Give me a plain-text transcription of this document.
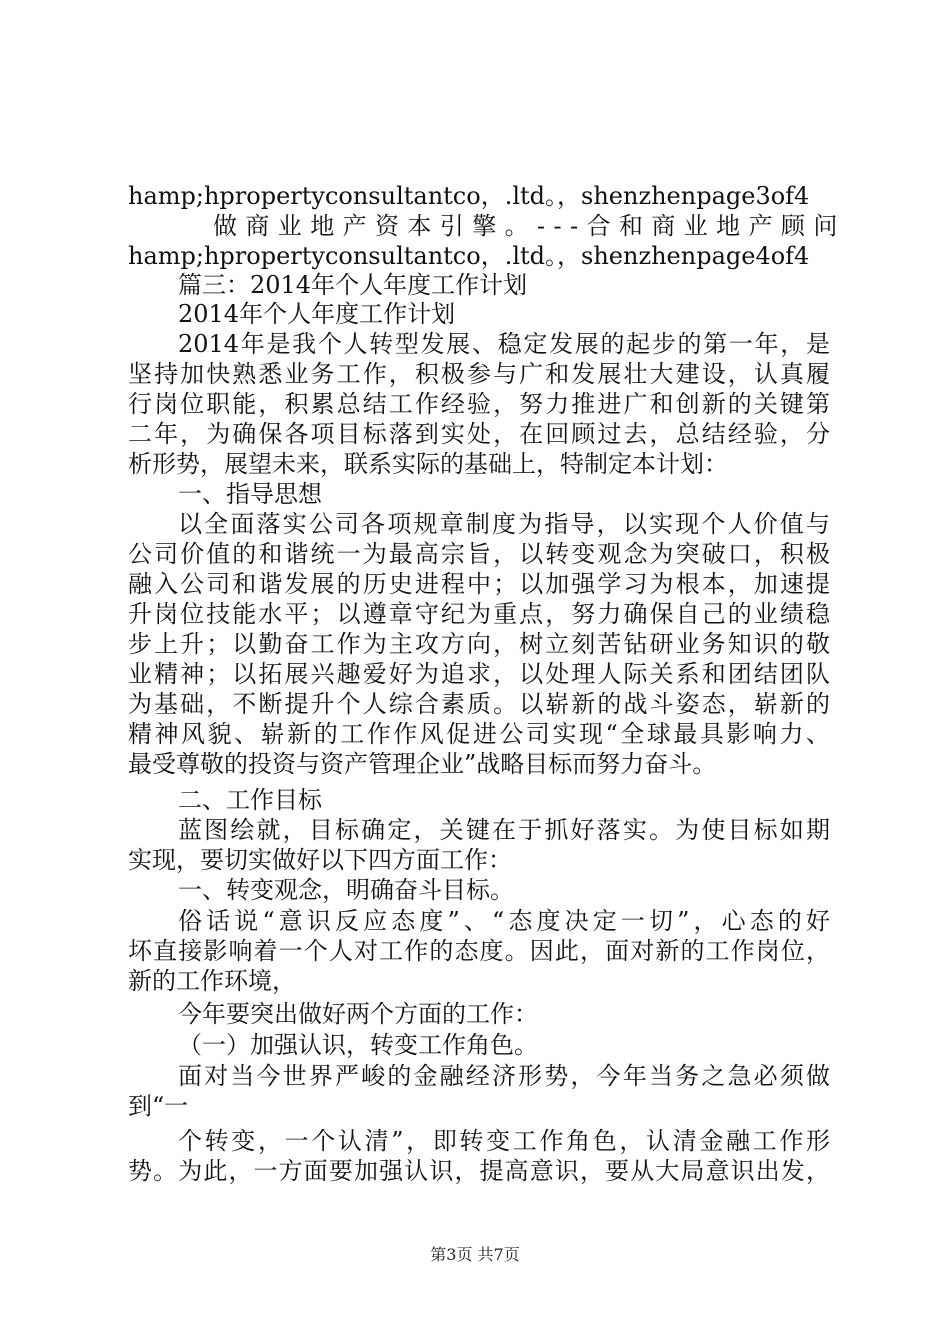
hamp;hpropertyconsultantco，.ltd。，shenzhenpage3of4
做商业地产资本引擎。---合和商业地产顾问
hamp;hpropertyconsultantco，.ltd。，shenzhenpage4of4
篇三：2014年个人年度工作计划
2014年个人年度工作计划
2014年是我个人转型发展、稳定发展的起步的第一年，是
坚持加快熟悉业务工作，积极参与广和发展壮大建设，认真履
行岗位职能，积累总结工作经验，努力推进广和创新的关键第
二年，为确保各项目标落到实处，在回顾过去，总结经验，分
析形势，展望未来，联系实际的基础上，特制定本计划：
一、指导思想
以全面落实公司各项规章制度为指导，以实现个人价值与
公司价值的和谐统一为最高宗旨，以转变观念为突破口，积极
融入公司和谐发展的历史进程中；以加强学习为根本，加速提
升岗位技能水平；以遵章守纪为重点，努力确保自己的业绩稳
步上升；以勤奋工作为主攻方向，树立刻苦钻研业务知识的敬
业精神；以拓展兴趣爱好为追求，以处理人际关系和团结团队
为基础，不断提升个人综合素质。以崭新的战斗姿态，崭新的
精神风貌、崭新的工作作风促进公司实现“全球最具影响力、
最受尊敬的投资与资产管理企业”战略目标而努力奋斗。
二、工作目标
蓝图绘就，目标确定，关键在于抓好落实。为使目标如期
实现，要切实做好以下四方面工作：
一、转变观念，明确奋斗目标。
俗话说“意识反应态度”、“态度决定一切”，心态的好
坏直接影响着一个人对工作的态度。因此，面对新的工作岗位，
新的工作环境，
今年要突出做好两个方面的工作：
（一）加强认识，转变工作角色。
面对当今世界严峻的金融经济形势，今年当务之急必须做
到“一
个转变，一个认清”，即转变工作角色，认清金融工作形
势。为此，一方面要加强认识，提高意识，要从大局意识出发，
第3页 共7页
